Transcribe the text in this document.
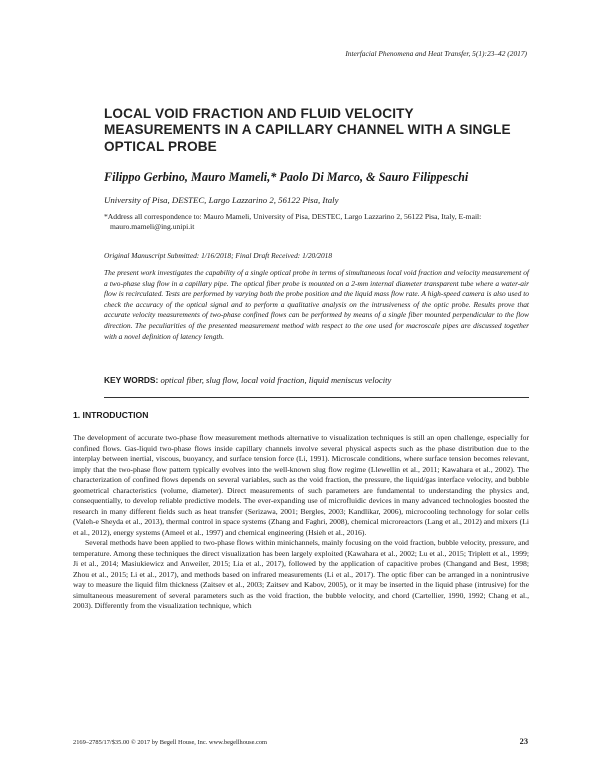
Interfacial Phenomena and Heat Transfer, 5(1):23–42 (2017)
LOCAL VOID FRACTION AND FLUID VELOCITY MEASUREMENTS IN A CAPILLARY CHANNEL WITH A SINGLE OPTICAL PROBE
Filippo Gerbino, Mauro Mameli,* Paolo Di Marco, & Sauro Filippeschi
University of Pisa, DESTEC, Largo Lazzarino 2, 56122 Pisa, Italy
*Address all correspondence to: Mauro Mameli, University of Pisa, DESTEC, Largo Lazzarino 2, 56122 Pisa, Italy, E-mail: mauro.mameli@ing.unipi.it
Original Manuscript Submitted: 1/16/2018; Final Draft Received: 1/20/2018
The present work investigates the capability of a single optical probe in terms of simultaneous local void fraction and velocity measurement of a two-phase slug flow in a capillary pipe. The optical fiber probe is mounted on a 2-mm internal diameter transparent tube where a water-air flow is recirculated. Tests are performed by varying both the probe position and the liquid mass flow rate. A high-speed camera is also used to check the accuracy of the optical signal and to perform a qualitative analysis on the intrusiveness of the optic probe. Results prove that accurate velocity measurements of two-phase confined flows can be performed by means of a single fiber mounted perpendicular to the flow direction. The peculiarities of the presented measurement method with respect to the one used for macroscale pipes are discussed together with a novel definition of latency length.
KEY WORDS: optical fiber, slug flow, local void fraction, liquid meniscus velocity
1. INTRODUCTION

The development of accurate two-phase flow measurement methods alternative to visualization techniques is still an open challenge, especially for confined flows. Gas-liquid two-phase flows inside capillary channels involve several physical aspects such as the phase distribution due to the interplay between inertial, viscous, buoyancy, and surface tension force (Li, 1991). Microscale conditions, where surface tension becomes relevant, imply that the two-phase flow pattern typically evolves into the well-known slug flow regime (Llewellin et al., 2011; Kawahara et al., 2002). The characterization of confined flows depends on several variables, such as the void fraction, the pressure, the liquid/gas interface velocity, and bubble geometrical characteristics (volume, diameter). Direct measurements of such parameters are fundamental to understanding the physics and, consequentially, to develop reliable predictive models. The ever-expanding use of microfluidic devices in many advanced technologies boosted the research in many different fields such as heat transfer (Serizawa, 2001; Bergles, 2003; Kandlikar, 2006), microcooling technology for solar cells (Valeh-e Sheyda et al., 2013), thermal control in space systems (Zhang and Faghri, 2008), chemical microreactors (Lang et al., 2012) and mixers (Li et al., 2012), energy systems (Ameel et al., 1997) and chemical engineering (Hsieh et al., 2016).

Several methods have been applied to two-phase flows within minichannels, mainly focusing on the void fraction, bubble velocity, pressure, and temperature. Among these techniques the direct visualization has been largely exploited (Kawahara et al., 2002; Lu et al., 2015; Triplett et al., 1999; Ji et al., 2014; Masiukiewicz and Anweiler, 2015; Lia et al., 2017), followed by the application of capacitive probes (Changand and Best, 1998; Zhou et al., 2015; Li et al., 2017), and methods based on infrared measurements (Li et al., 2017). The optic fiber can be arranged in a nonintrusive way to measure the liquid film thickness (Zaitsev et al., 2003; Zaitsev and Kabov, 2005), or it may be inserted in the liquid phase (intrusive) for the simultaneous measurement of several parameters such as the void fraction, the bubble velocity, and chord (Cartellier, 1990, 1992; Chang et al., 2003). Differently from the visualization technique, which

2169–2785/17/$35.00 © 2017 by Begell House, Inc. www.begellhouse.com	23
